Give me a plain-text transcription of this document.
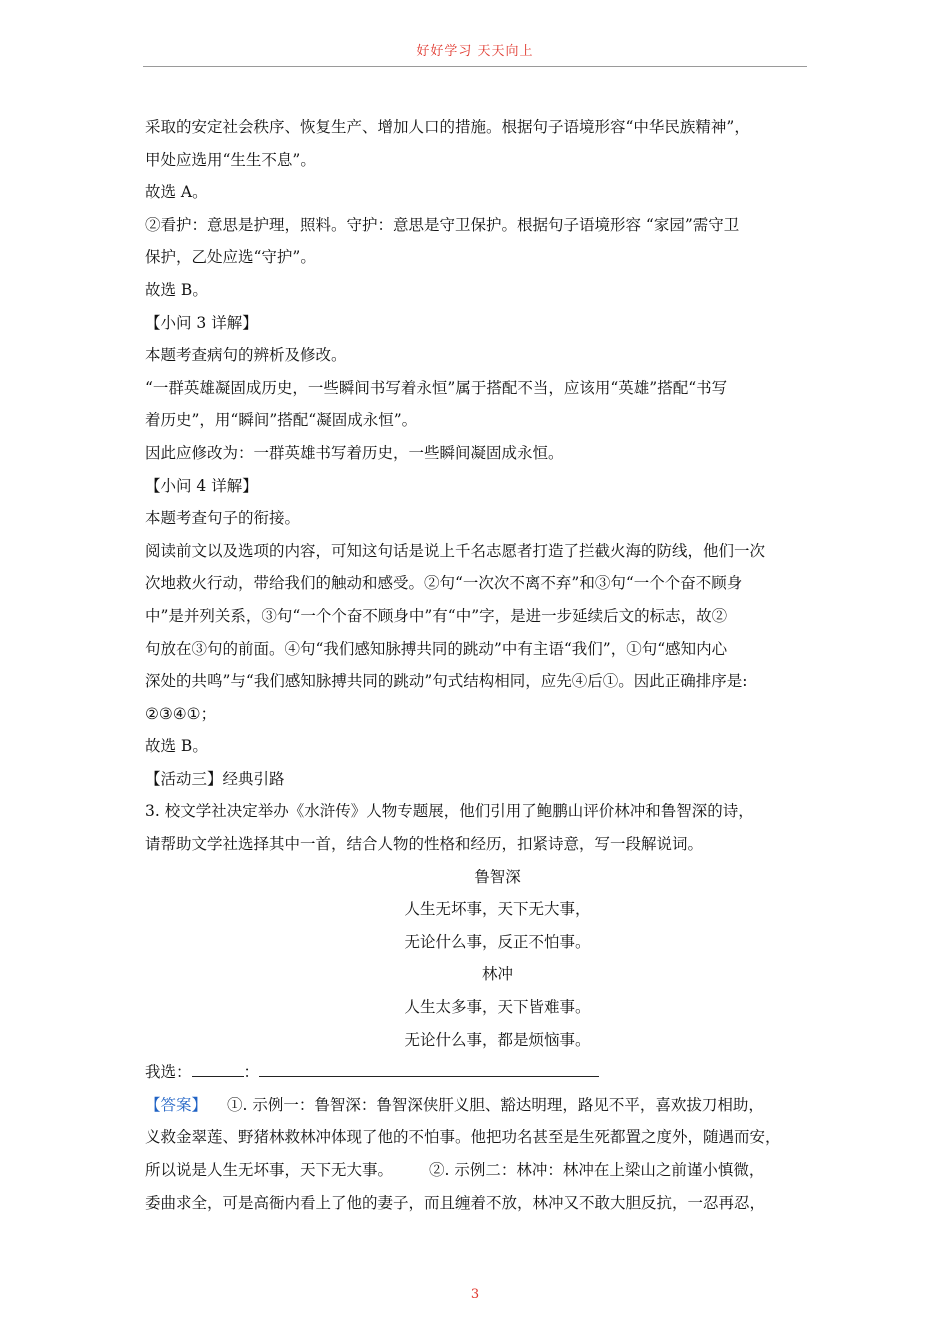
好好学习 天天向上
采取的安定社会秩序、恢复生产、增加人口的措施。根据句子语境形容“中华民族精神”，
甲处应选用“生生不息”。
故选 A。
②看护：意思是护理，照料。守护：意思是守卫保护。根据句子语境形容 “家园”需守卫
保护，乙处应选“守护”。
故选 B。
【小问 3 详解】
本题考查病句的辨析及修改。
“一群英雄凝固成历史，一些瞬间书写着永恒”属于搭配不当，应该用“英雄”搭配“书写
着历史”，用“瞬间”搭配“凝固成永恒”。
因此应修改为：一群英雄书写着历史，一些瞬间凝固成永恒。
【小问 4 详解】
本题考查句子的衔接。
阅读前文以及选项的内容，可知这句话是说上千名志愿者打造了拦截火海的防线，他们一次
次地救火行动，带给我们的触动和感受。②句“一次次不离不弃”和③句“一个个奋不顾身
中”是并列关系，③句“一个个奋不顾身中”有“中”字，是进一步延续后文的标志，故②
句放在③句的前面。④句“我们感知脉搏共同的跳动”中有主语“我们”，①句“感知内心
深处的共鸣”与“我们感知脉搏共同的跳动”句式结构相同，应先④后①。因此正确排序是:
②③④①；
故选 B。
【活动三】经典引路
3. 校文学社决定举办《水浒传》人物专题展，他们引用了鲍鹏山评价林冲和鲁智深的诗，
请帮助文学社选择其中一首，结合人物的性格和经历，扣紧诗意，写一段解说词。
鲁智深
人生无坏事，天下无大事，
无论什么事，反正不怕事。
林冲
人生太多事，天下皆难事。
无论什么事，都是烦恼事。
我选：	：
【答案】 ①. 示例一：鲁智深：鲁智深侠肝义胆、豁达明理，路见不平，喜欢拔刀相助，
义救金翠莲、野猪林救林冲体现了他的不怕事。他把功名甚至是生死都置之度外，随遇而安，
所以说是人生无坏事，天下无大事。 ②. 示例二：林冲：林冲在上梁山之前谨小慎微，
委曲求全，可是高衙内看上了他的妻子，而且缠着不放，林冲又不敢大胆反抗，一忍再忍，
3
